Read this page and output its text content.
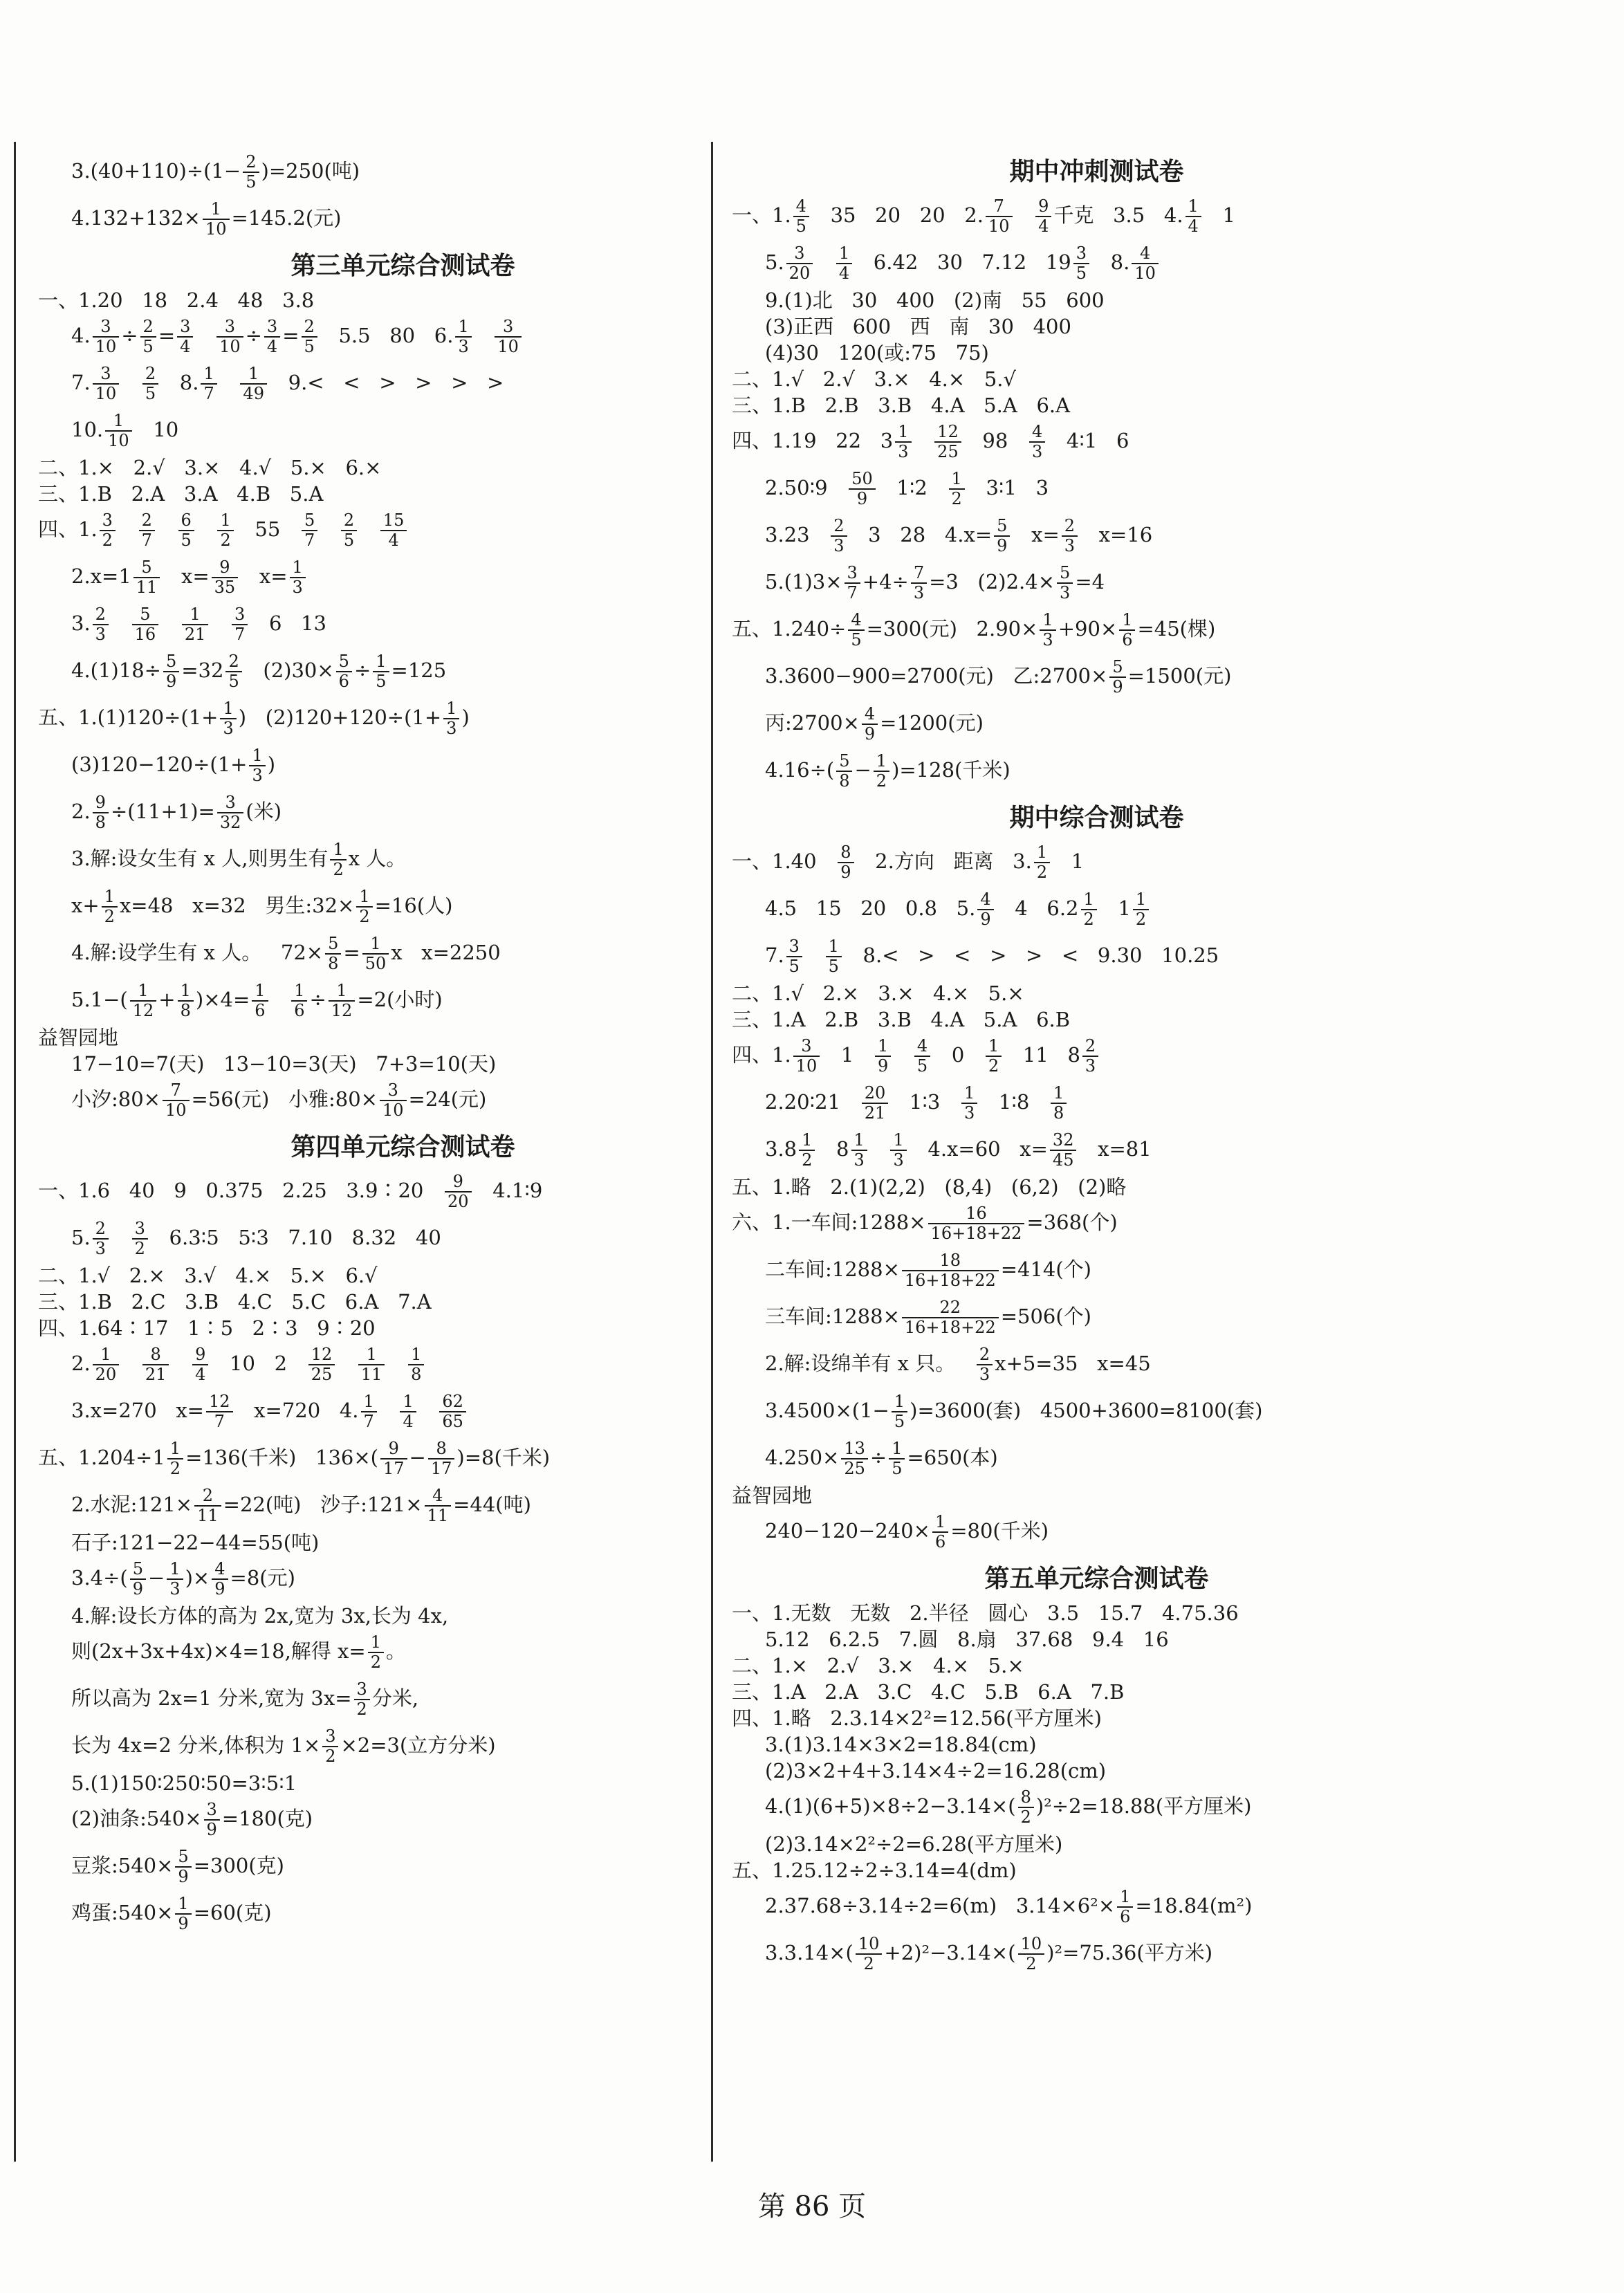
$3.(40+110)\div(1- \frac{2}{5} )=250$(吨)
$4.132+132\times \frac{1}{10} =145.2$(元)
第三单元综合测试卷
一、1.20   18   2.4   48   3.8
4. $\frac{3}{10} \div \frac{2}{5} = \frac{3}{4}$
$\frac{3}{10} \div \frac{3}{4} = \frac{2}{5} 5.5$   80   6. $\frac{1}{3}$
$\frac{3}{10}$
7. $\frac{3}{10}$
$\frac{2}{5} 8$. $\frac{1}{7}$
$\frac{1}{49} 9.<$   <   >   >   >   >
10. $\frac{1}{10} 10$
二、1.×   2.√   3.×   4.√   5.×   6.×
三、1.B   2.A   3.A   4.B   5.A
四、1. $\frac{3}{2}$
$\frac{2}{7}$
$\frac{6}{5}$
$\frac{1}{2} 55 \frac{5}{7}$
$\frac{2}{5}$
$\frac{15}{4}$
$2.x=1 \frac{5}{11} x= \frac{9}{35} x= \frac{1}{3}$
3. $\frac{2}{3}$
$\frac{5}{16}$
$\frac{1}{21}$
$\frac{3}{7} 6$   13
$4.(1)18\div \frac{5}{9} =32 \frac{2}{5} (2)30\times \frac{5}{6} \div \frac{1}{5} =125$
五、$1.(1)120\div(1+ \frac{1}{3}$ )   $(2)120+120\div(1+ \frac{1}{3}$ )
$(3)120-120\div(1+ \frac{1}{3}$ )
2. $\frac{9}{8} \div(11+1)= \frac{3}{32}$ (米)
3.解:设女生有 x 人,则男生有 $\frac{1}{2}$ x 人。
$x+ \frac{1}{2} x=48$   x=32   男生:32× $\frac{1}{2} =16$(人)
4.解:设学生有 x 人。   $72\times \frac{5}{8} = \frac{1}{50}$ x   x=2250
$5.1-( \frac{1}{12} + \frac{1}{8} )\times 4= \frac{1}{6}$
$\frac{1}{6} \div \frac{1}{12} =2$(小时)
益智园地
17−10=7(天)   13−10=3(天)   7+3=10(天)
小汐:80× $\frac{7}{10} =56$(元)   小雅:80× $\frac{3}{10} =24$(元)
第四单元综合测试卷
一、1.6   40   9   0.375   2.25   3.9∶20 $\frac{9}{20}$ 4.1∶9
5. $\frac{2}{3}$
$\frac{3}{2}$ 6.3∶5   5∶3   7.10   8.32   40
二、1.√   2.×   3.√   4.×   5.×   6.√
三、1.B   2.C   3.B   4.C   5.C   6.A   7.A
四、1.64∶17   1∶5   2∶3   9∶20
2. $\frac{1}{20}$
$\frac{8}{21}$
$\frac{9}{4} 10$   $2 \frac{12}{25}$
$\frac{1}{11}$
$\frac{1}{8}$
3.x=270   $x= \frac{12}{7} x=720$   4. $\frac{1}{7}$
$\frac{1}{4}$
$\frac{62}{65}$
五、$1.204\div 1 \frac{1}{2} =136$(千米)   $136\times( \frac{9}{17} - \frac{8}{17} )=8$(千米)
2.水泥:121× $\frac{2}{11} =22$(吨)   沙子:121× $\frac{4}{11} =44$(吨)
石子:121−22−44=55(吨)
$3.4\div( \frac{5}{9} - \frac{1}{3}$ )× $\frac{4}{9} =8$(元)
4.解:设长方体的高为 2x,宽为 3x,长为 4x,
则(2x+3x+4x)×4=18,解得 $x= \frac{1}{2}$ 。
所以高为 2x=1 分米,宽为 $3x= \frac{3}{2}$ 分米,
长为 4x=2 分米,体积为 $1\times \frac{3}{2} \times 2=3$(立方分米)
5.(1)150∶250∶50=3∶5∶1
(2)油条:540× $\frac{3}{9} =180$(克)
豆浆:540× $\frac{5}{9} =300$(克)
鸡蛋:540× $\frac{1}{9} =60$(克)
期中冲刺测试卷
一、1. $\frac{4}{5} 35$   20   20   2. $\frac{7}{10}$
$\frac{9}{4}$ 千克   3.5   4. $\frac{1}{4} 1$
5. $\frac{3}{20}$
$\frac{1}{4} 6.42$   30   7.12   $19 \frac{3}{5} 8$. $\frac{4}{10}$
9.(1)北   30   400   (2)南   55   600
(3)正西   600   西   南   30   400
(4)30   120(或:75   75)
二、1.√   2.√   3.×   4.×   5.√
三、1.B   2.B   3.B   4.A   5.A   6.A
四、1.19   22   $3 \frac{1}{3}$
$\frac{12}{25} 98 \frac{4}{3}$ 4∶1   6
2.50∶9 $\frac{50}{9}$ 1∶2 $\frac{1}{2}$ 3∶1   3
$3.23 \frac{2}{3} 3$   28   $4.x= \frac{5}{9} x= \frac{2}{3} x=16$
$5.(1)3\times \frac{3}{7} +4\div \frac{7}{3} =3$   $(2)2.4\times \frac{5}{3} =4$
五、$1.240\div \frac{4}{5} =300$(元)   $2.90\times \frac{1}{3} +90\times \frac{1}{6} =45$(棵)
3.3600−900=2700(元)   乙:2700× $\frac{5}{9} =1500$(元)
丙:2700× $\frac{4}{9} =1200$(元)
$4.16\div( \frac{5}{8} - \frac{1}{2} )=128$(千米)
期中综合测试卷
一、$1.40 \frac{8}{9} 2$.方向   距离   3. $\frac{1}{2} 1$
4.5   15   20   0.8   5. $\frac{4}{9} 4$   $6.2 \frac{1}{2} 1 \frac{1}{2}$
7. $\frac{3}{5}$
$\frac{1}{5} 8.<$   >   <   >   >   <   9.30   10.25
二、1.√   2.×   3.×   4.×   5.×
三、1.A   2.B   3.B   4.A   5.A   6.B
四、1. $\frac{3}{10} 1 \frac{1}{9}$
$\frac{4}{5} 0 \frac{1}{2} 11$   $8 \frac{2}{3}$
2.20∶21 $\frac{20}{21}$ 1∶3 $\frac{1}{3}$ 1∶8 $\frac{1}{8}$
$3.8 \frac{1}{2} 8 \frac{1}{3}$
$\frac{1}{3} 4.x=60$   $x= \frac{32}{45} x=81$
五、1.略   2.(1)(2,2)   (8,4)   (6,2)   (2)略
六、1.一车间:1288× $\frac{16}{16+18+22} =368$(个)
二车间:1288× $\frac{18}{16+18+22} =414$(个)
三车间:1288× $\frac{22}{16+18+22} =506$(个)
2.解:设绵羊有 x 只。 $\frac{2}{3} x+5=35$   x=45
$3.4500\times(1- \frac{1}{5} )=3600$(套)   4500+3600=8100(套)
$4.250\times \frac{13}{25} \div \frac{1}{5} =650$(本)
益智园地
$240-120-240\times \frac{1}{6} =80$(千米)
第五单元综合测试卷
一、1.无数   无数   2.半径   圆心   3.5   15.7   4.75.36
5.12   6.2.5   7.圆   8.扇   37.68   9.4   16
二、1.×   2.√   3.×   4.×   5.×
三、1.A   2.A   3.C   4.C   5.B   6.A   7.B
四、1.略   2.3.14×2²=12.56(平方厘米)
3.(1)3.14×3×2=18.84(cm)
(2)3×2+4+3.14×4÷2=16.28(cm)
$4.(1)(6+5)\times 8\div 2-3.14\times( \frac{8}{2} )^2\div 2=18.88$(平方厘米)
(2)3.14×2²÷2=6.28(平方厘米)
五、1.25.12÷2÷3.14=4(dm)
2.37.68÷3.14÷2=6(m)   $3.14\times 6^2\times \frac{1}{6} =18.84(m^2)$
$3.3.14\times( \frac{10}{2} +2)^2-3.14\times( \frac{10}{2} )^2=75.36$(平方米)
第 86 页
